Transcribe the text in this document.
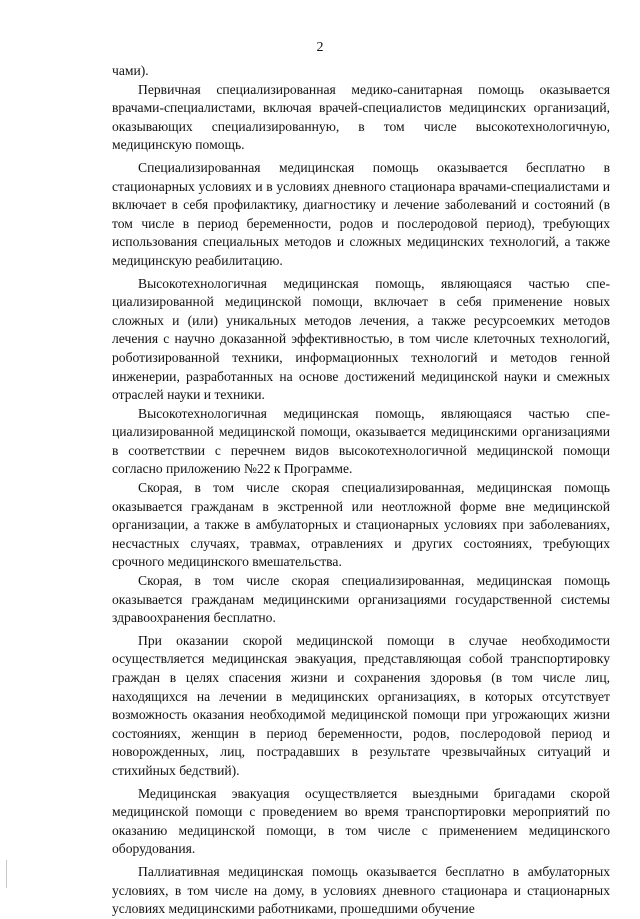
2

чами).

Первичная специализированная медико-санитарная помощь оказывается врачами-специалистами, включая врачей-специалистов медицинских организаций, оказывающих специализированную, в том числе высокотехнологичную, медицинскую помощь.

Специализированная медицинская помощь оказывается бесплатно в стационарных условиях и в условиях дневного стационара врачами-специалистами и включает в себя профилактику, диагностику и лечение заболеваний и состояний (в том числе в период беременности, родов и послеродовой период), требующих использования специальных методов и сложных медицинских технологий, а также медицинскую реабилитацию.

Высокотехнологичная медицинская помощь, являющаяся частью специализированной медицинской помощи, включает в себя применение новых сложных и (или) уникальных методов лечения, а также ресурсоемких методов лечения с научно доказанной эффективностью, в том числе клеточных технологий, роботизированной техники, информационных технологий и методов генной инженерии, разработанных на основе достижений медицинской науки и смежных отраслей науки и техники.

Высокотехнологичная медицинская помощь, являющаяся частью специализированной медицинской помощи, оказывается медицинскими организациями в соответствии с перечнем видов высокотехнологичной медицинской помощи согласно приложению №22 к Программе.

Скорая, в том числе скорая специализированная, медицинская помощь оказывается гражданам в экстренной или неотложной форме вне медицинской организации, а также в амбулаторных и стационарных условиях при заболеваниях, несчастных случаях, травмах, отравлениях и других состояниях, требующих срочного медицинского вмешательства.

Скорая, в том числе скорая специализированная, медицинская помощь оказывается гражданам медицинскими организациями государственной системы здравоохранения бесплатно.

При оказании скорой медицинской помощи в случае необходимости осуществляется медицинская эвакуация, представляющая собой транспортировку граждан в целях спасения жизни и сохранения здоровья (в том числе лиц, находящихся на лечении в медицинских организациях, в которых отсутствует возможность оказания необходимой медицинской помощи при угрожающих жизни состояниях, женщин в период беременности, родов, послеродовой период и новорожденных, лиц, пострадавших в результате чрезвычайных ситуаций и стихийных бедствий).

Медицинская эвакуация осуществляется выездными бригадами скорой медицинской помощи с проведением во время транспортировки мероприятий по оказанию медицинской помощи, в том числе с применением медицинского оборудования.

Паллиативная медицинская помощь оказывается бесплатно в амбулаторных условиях, в том числе на дому, в условиях дневного стационара и стационарных условиях медицинскими работниками, прошедшими обучение
